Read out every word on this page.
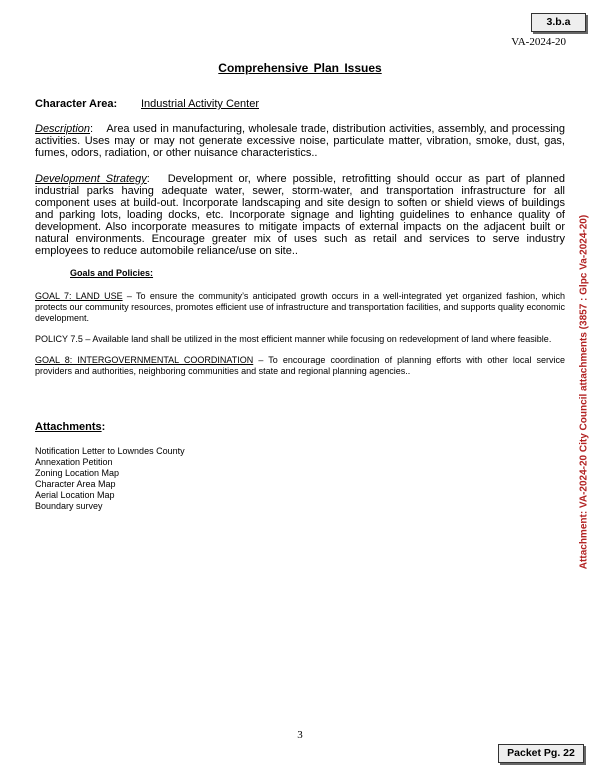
3.b.a
VA-2024-20
Comprehensive Plan Issues
Character Area: Industrial Activity Center

Description:    Area used in manufacturing, wholesale trade, distribution activities, assembly, and processing activities. Uses may or may not generate excessive noise, particulate matter, vibration, smoke, dust, gas, fumes, odors, radiation, or other nuisance characteristics..

Development Strategy:   Development or, where possible, retrofitting should occur as part of planned industrial parks having adequate water, sewer, storm-water, and transportation infrastructure for all component uses at build-out. Incorporate landscaping and site design to soften or shield views of buildings and parking lots, loading docks, etc. Incorporate signage and lighting guidelines to enhance quality of development. Also incorporate measures to mitigate impacts of external impacts on the adjacent built or natural environments. Encourage greater mix of uses such as retail and services to serve industry employees to reduce automobile reliance/use on site..

Goals and Policies:

GOAL 7: LAND USE – To ensure the community’s anticipated growth occurs in a well-integrated yet organized fashion, which protects our community resources, promotes efficient use of infrastructure and transportation facilities, and supports quality economic development.

POLICY 7.5 – Available land shall be utilized in the most efficient manner while focusing on redevelopment of land where feasible.

GOAL 8: INTERGOVERNMENTAL COORDINATION – To encourage coordination of planning efforts with other local service providers and authorities, neighboring communities and state and regional planning agencies..

Attachments:
Notification Letter to Lowndes County
Annexation Petition
Zoning Location Map
Character Area Map
Aerial Location Map
Boundary survey
3
Packet Pg. 22
Attachment: VA-2024-20 City Council attachments (3857 : Glpc Va-2024-20)
